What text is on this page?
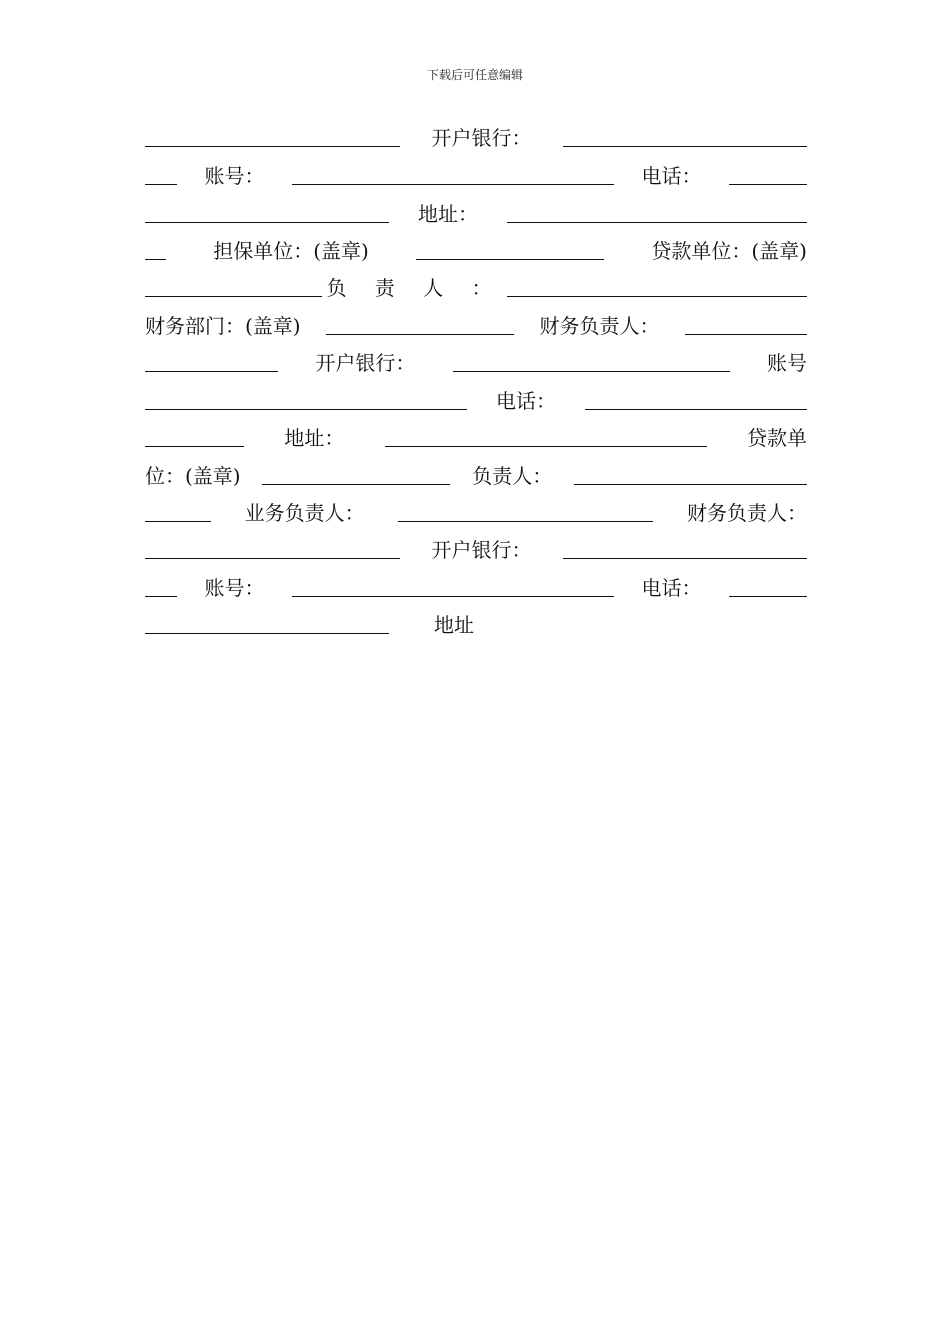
下载后可任意编辑
开户银行：
账号：	电话：
地址：
担保单位：(盖章)	贷款单位：(盖章)
负 责 人 ：
财务部门：(盖章)	财务负责人：
开户银行：	账号
电话：
地址：	贷款单
位：(盖章)	负责人：
业务负责人：	财务负责人：
开户银行：
账号：	电话：
地址
